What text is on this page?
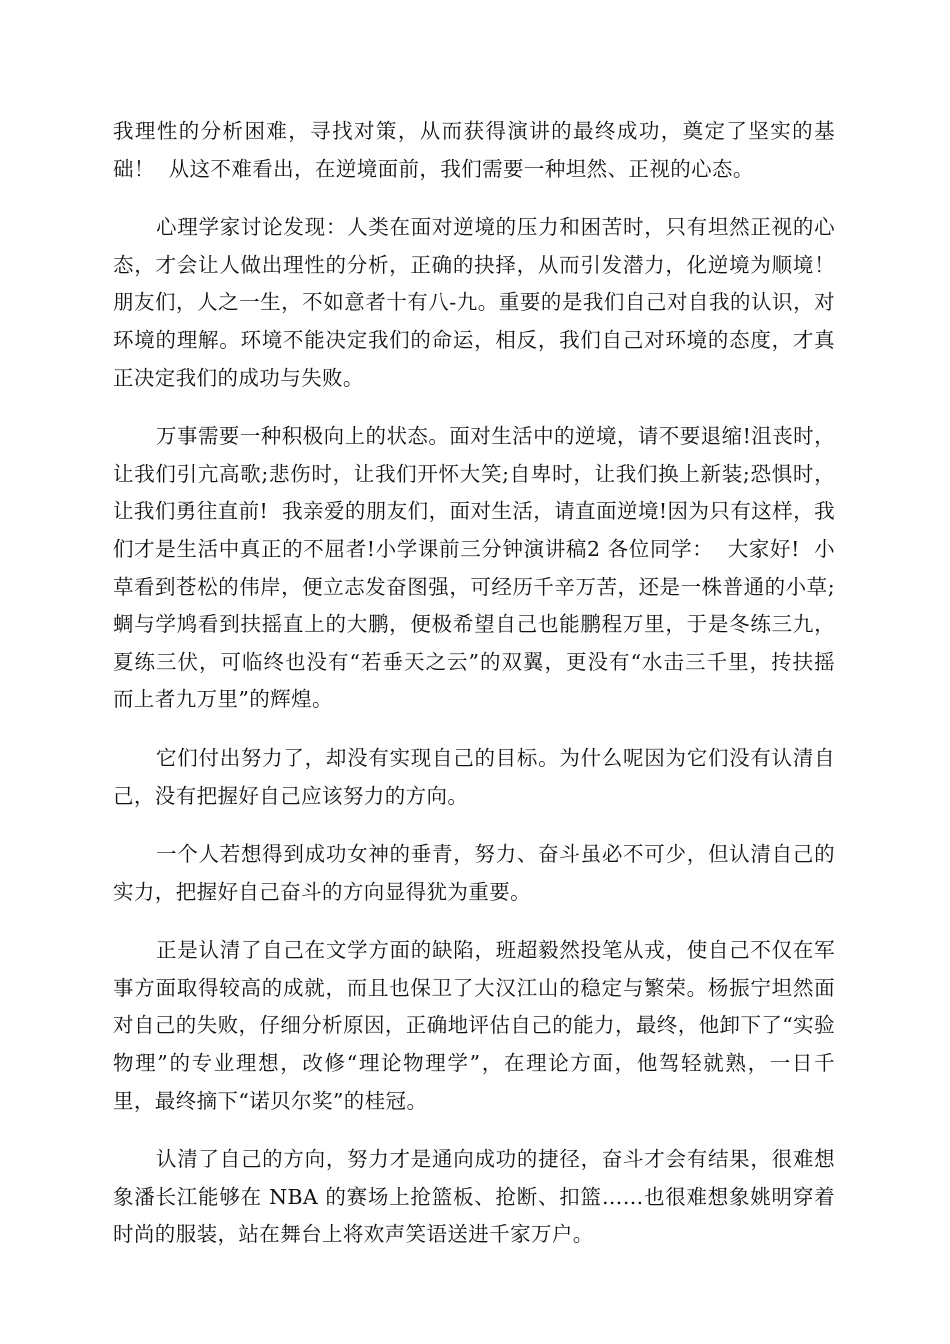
我理性的分析困难，寻找对策，从而获得演讲的最终成功，奠定了坚实的基础！  从这不难看出，在逆境面前，我们需要一种坦然、正视的心态。

心理学家讨论发现：人类在面对逆境的压力和困苦时，只有坦然正视的心态，才会让人做出理性的分析，正确的抉择，从而引发潜力，化逆境为顺境！  朋友们，人之一生，不如意者十有八-九。重要的是我们自己对自我的认识，对环境的理解。环境不能决定我们的命运，相反，我们自己对环境的态度，才真正决定我们的成功与失败。

万事需要一种积极向上的状态。面对生活中的逆境，请不要退缩!沮丧时，让我们引亢高歌;悲伤时，让我们开怀大笑;自卑时，让我们换上新装;恐惧时，让我们勇往直前!  我亲爱的朋友们，面对生活，请直面逆境!因为只有这样，我们才是生活中真正的不屈者!小学课前三分钟演讲稿2 各位同学：  大家好!  小草看到苍松的伟岸，便立志发奋图强，可经历千辛万苦，还是一株普通的小草;蜩与学鸠看到扶摇直上的大鹏，便极希望自己也能鹏程万里，于是冬练三九，夏练三伏，可临终也没有“若垂天之云”的双翼，更没有“水击三千里，抟扶摇而上者九万里”的辉煌。

它们付出努力了，却没有实现自己的目标。为什么呢因为它们没有认清自己，没有把握好自己应该努力的方向。

一个人若想得到成功女神的垂青，努力、奋斗虽必不可少，但认清自己的实力，把握好自己奋斗的方向显得犹为重要。

正是认清了自己在文学方面的缺陷，班超毅然投笔从戎，使自己不仅在军事方面取得较高的成就，而且也保卫了大汉江山的稳定与繁荣。杨振宁坦然面对自己的失败，仔细分析原因，正确地评估自己的能力，最终，他卸下了“实验物理”的专业理想，改修“理论物理学”，在理论方面，他驾轻就熟，一日千里，最终摘下“诺贝尔奖”的桂冠。

认清了自己的方向，努力才是通向成功的捷径，奋斗才会有结果，很难想象潘长江能够在 NBA 的赛场上抢篮板、抢断、扣篮……也很难想象姚明穿着时尚的服装，站在舞台上将欢声笑语送进千家万户。
